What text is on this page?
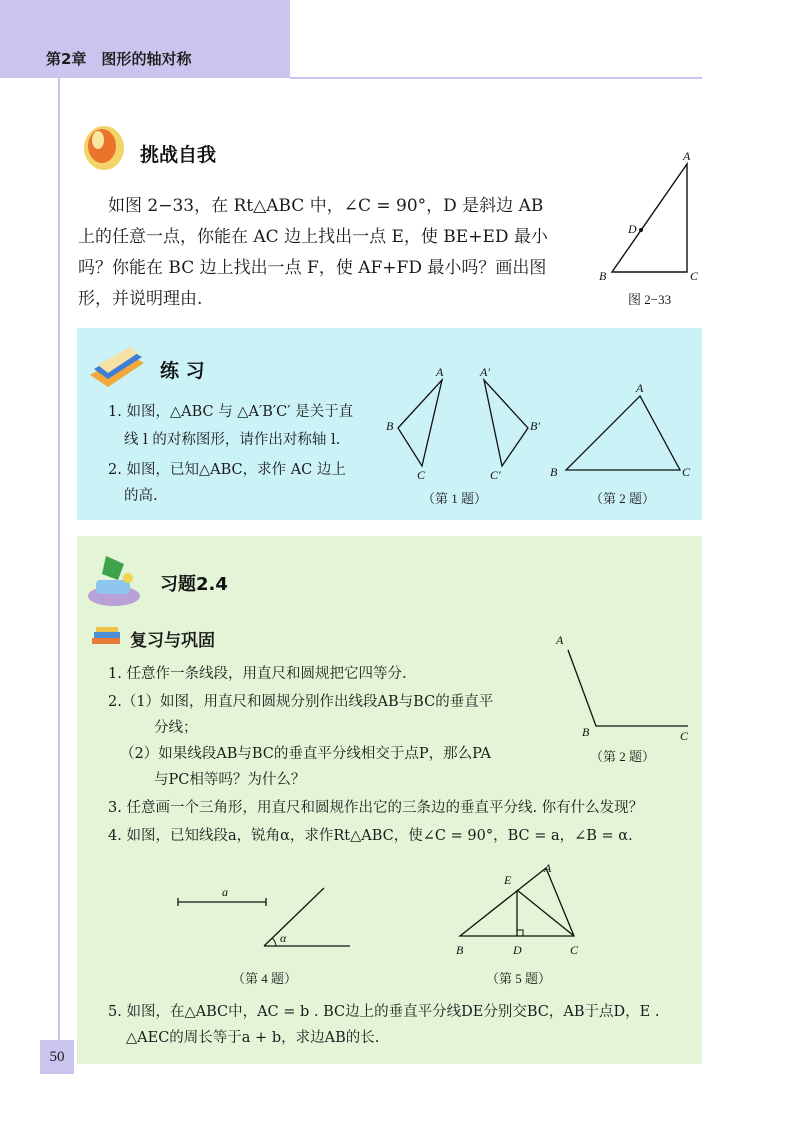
第2章　图形的轴对称
挑战自我
如图 2−33，在 Rt△ABC 中，∠C = 90°，D 是斜边 AB
上的任意一点，你能在 AC 边上找出一点 E，使 BE+ED 最小
吗？你能在 BC 边上找出一点 F，使 AF+FD 最小吗？画出图
形，并说明理由.
A
B	C
D
图 2−33
练 习
1. 如图，△ABC 与 △A′B′C′ 是关于直
线 l 的对称图形，请作出对称轴 l.
2. 如图，已知△ABC，求作 AC 边上
的高.
A
B
C
A′
B′
C′
（第 1 题）
A
B	C
（第 2 题）
习题2.4
复习与巩固
1. 任意作一条线段，用直尺和圆规把它四等分.
2.（1）如图，用直尺和圆规分别作出线段AB与BC的垂直平
分线；
（2）如果线段AB与BC的垂直平分线相交于点P，那么PA
与PC相等吗？为什么？
3. 任意画一个三角形，用直尺和圆规作出它的三条边的垂直平分线. 你有什么发现？
4. 如图，已知线段a，锐角α，求作Rt△ABC，使∠C = 90°，BC = a，∠B = α.
A
B	C
（第 2 题）
a
α
（第 4 题）
A
E
B	D	C
（第 5 题）
5. 如图，在△ABC中，AC = b . BC边上的垂直平分线DE分别交BC，AB于点D，E .
△AEC的周长等于a + b，求边AB的长.
50
